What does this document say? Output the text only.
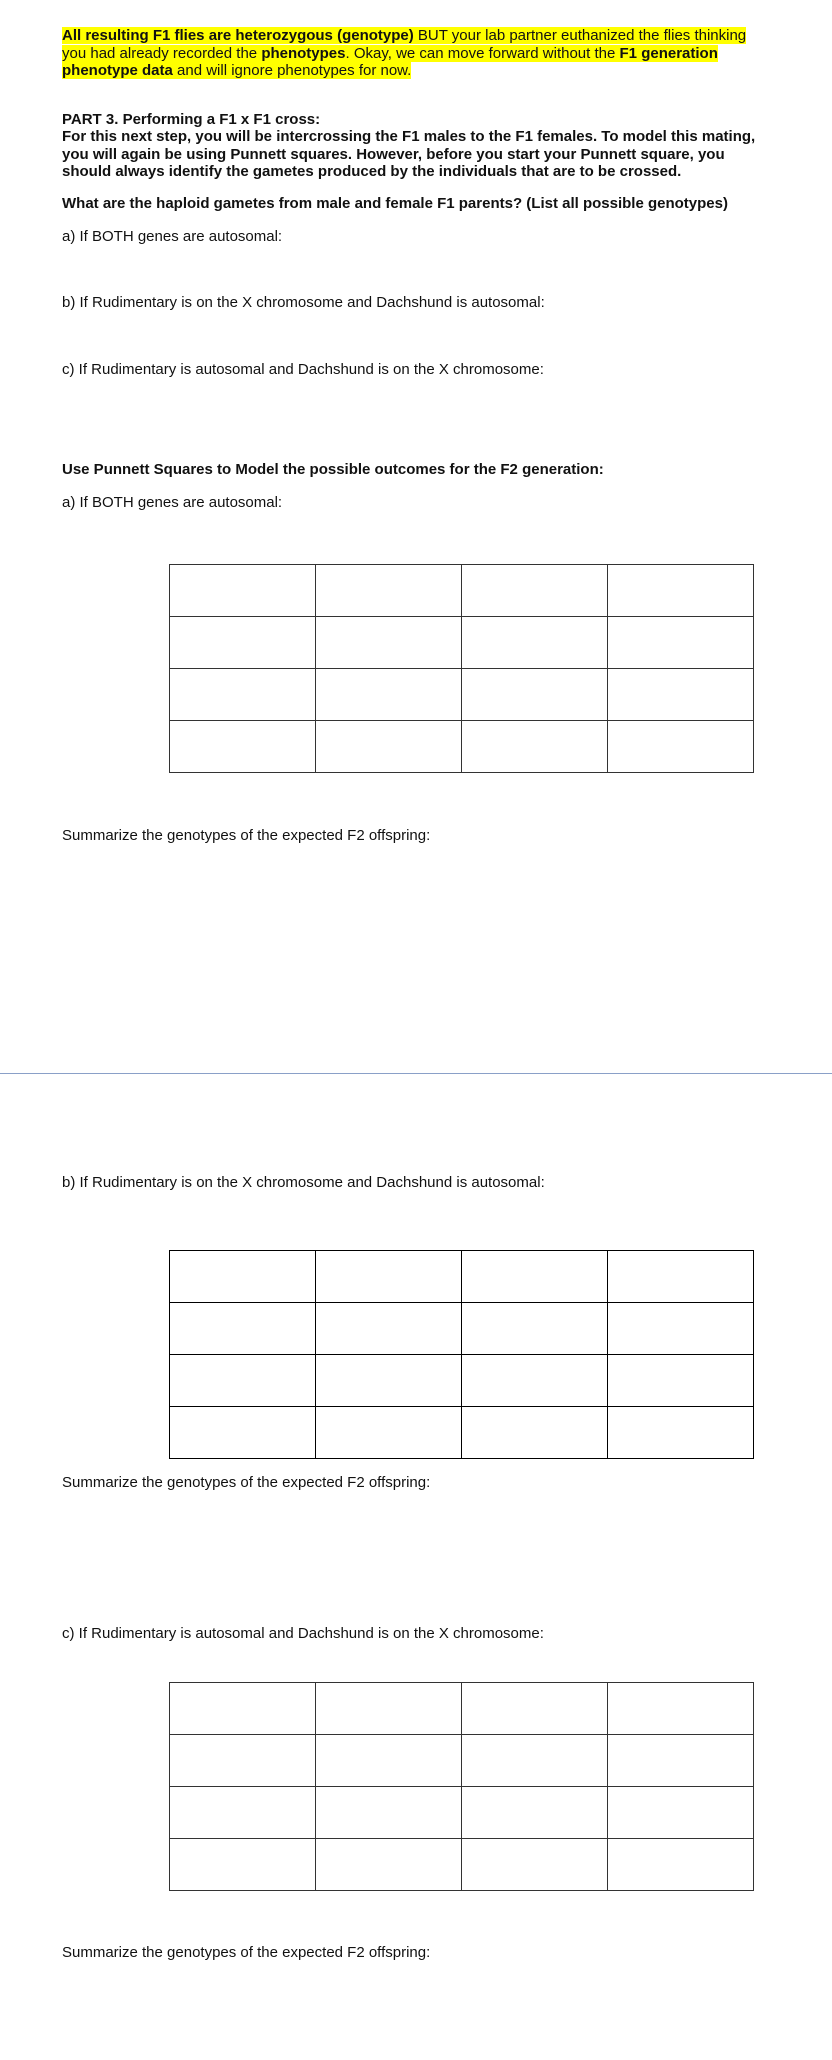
All resulting F1 flies are heterozygous (genotype) BUT your lab partner euthanized the flies thinking you had already recorded the phenotypes. Okay, we can move forward without the F1 generation phenotype data and will ignore phenotypes for now.

PART 3. Performing a F1 x F1 cross:

For this next step, you will be intercrossing the F1 males to the F1 females. To model this mating, you will again be using Punnett squares. However, before you start your Punnett square, you should always identify the gametes produced by the individuals that are to be crossed.

What are the haploid gametes from male and female F1 parents? (List all possible genotypes)

a) If BOTH genes are autosomal:

b) If Rudimentary is on the X chromosome and Dachshund is autosomal:

c) If Rudimentary is autosomal and Dachshund is on the X chromosome:

Use Punnett Squares to Model the possible outcomes for the F2 generation:

a) If BOTH genes are autosomal:

Summarize the genotypes of the expected F2 offspring:

b) If Rudimentary is on the X chromosome and Dachshund is autosomal:

Summarize the genotypes of the expected F2 offspring:

c) If Rudimentary is autosomal and Dachshund is on the X chromosome:

Summarize the genotypes of the expected F2 offspring:
